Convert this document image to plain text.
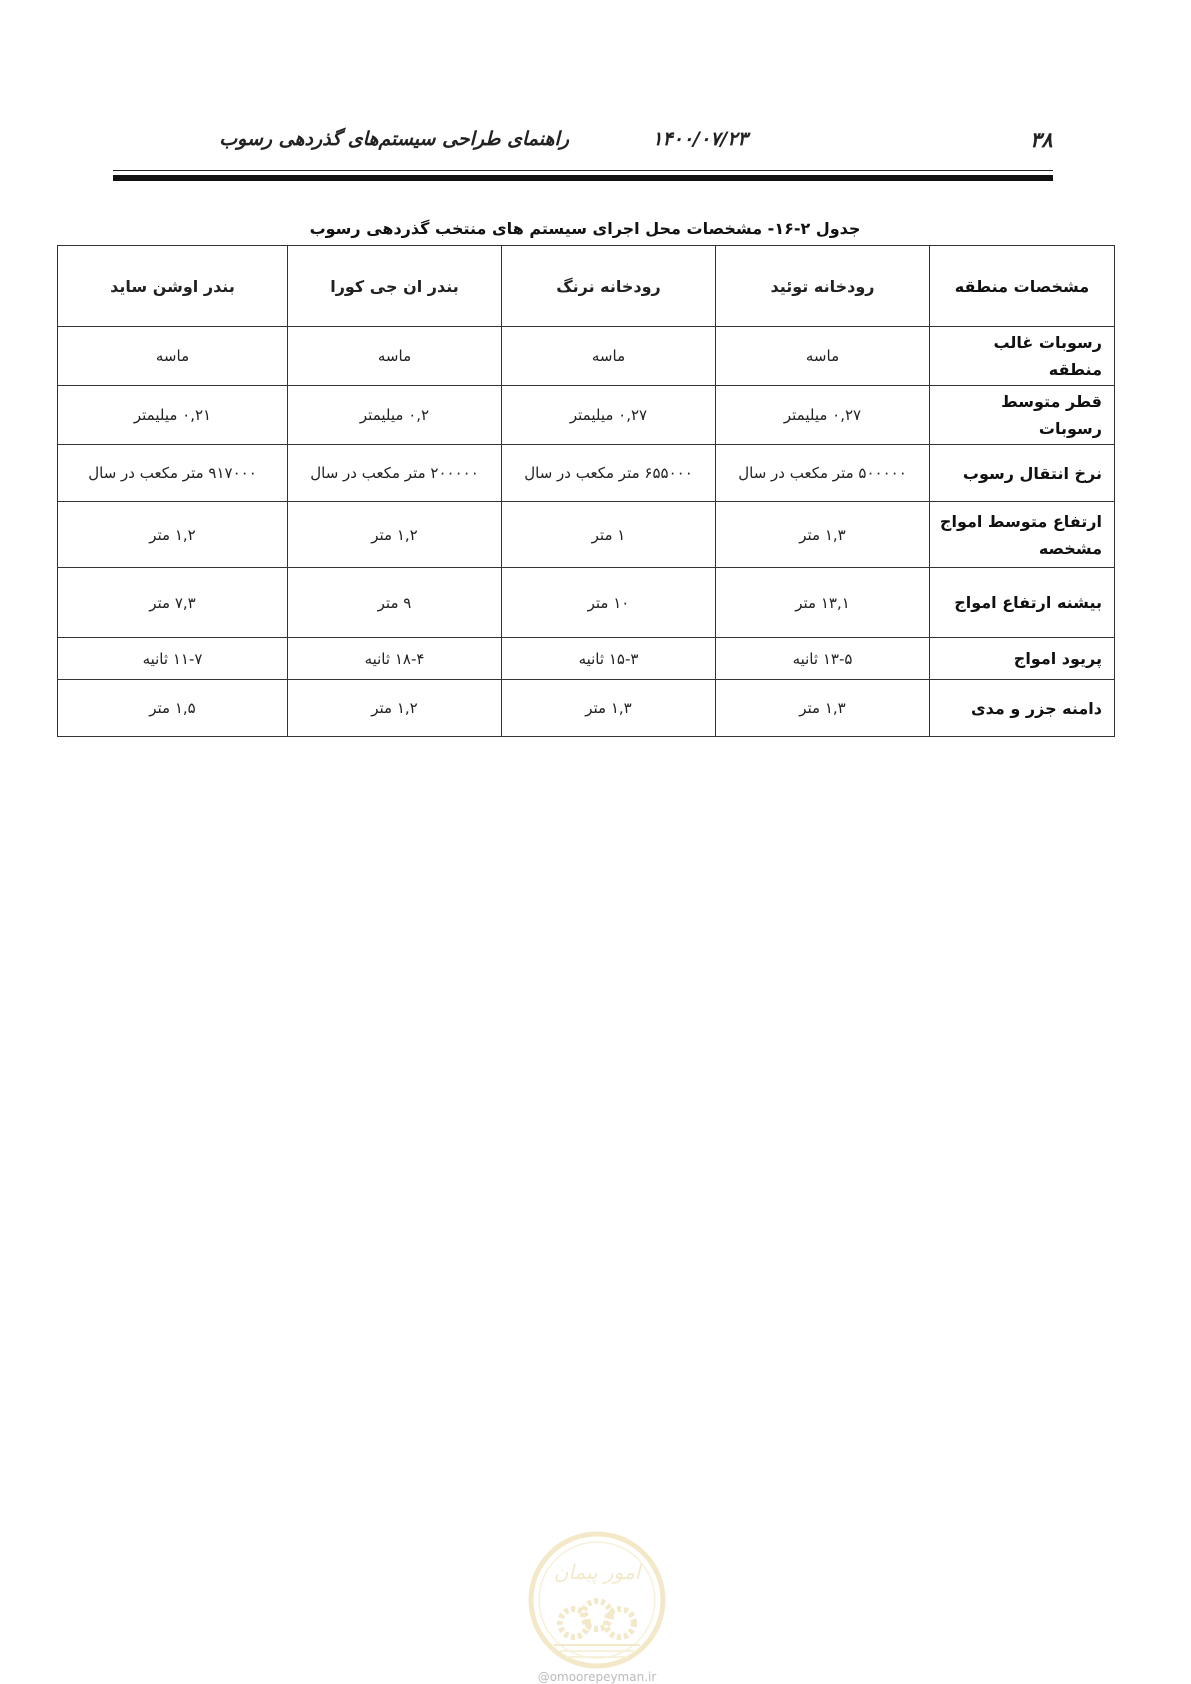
راهنمای طراحی سیستم‌های گذردهی رسوب	۱۴۰۰/۰۷/۲۳	۳۸
جدول ۲-۱۶- مشخصات محل اجرای سیستم های منتخب گذردهی رسوب
مشخصات منطقه	رودخانه توئید	رودخانه نرنگ	بندر ان جی کورا	بندر اوشن ساید
رسوبات غالب منطقه	ماسه	ماسه	ماسه	ماسه
قطر متوسط رسوبات	۰,۲۷ میلیمتر	۰,۲۷ میلیمتر	۰,۲ میلیمتر	۰,۲۱ میلیمتر
نرخ انتقال رسوب	۵۰۰۰۰۰ متر مکعب در سال	۶۵۵۰۰۰ متر مکعب در سال	۲۰۰۰۰۰ متر مکعب در سال	۹۱۷۰۰۰ متر مکعب در سال
ارتفاع متوسط امواج مشخصه	۱,۳ متر	۱ متر	۱,۲ متر	۱,۲ متر
بیشنه ارتفاع امواج	۱۳,۱ متر	۱۰ متر	۹ متر	۷,۳ متر
پریود امواج	۱۳-۵ ثانیه	۱۵-۳ ثانیه	۱۸-۴ ثانیه	۱۱-۷ ثانیه
دامنه جزر و مدی	۱,۳ متر	۱,۳ متر	۱,۲ متر	۱,۵ متر
امور پیمان
@omoorepeyman.ir
